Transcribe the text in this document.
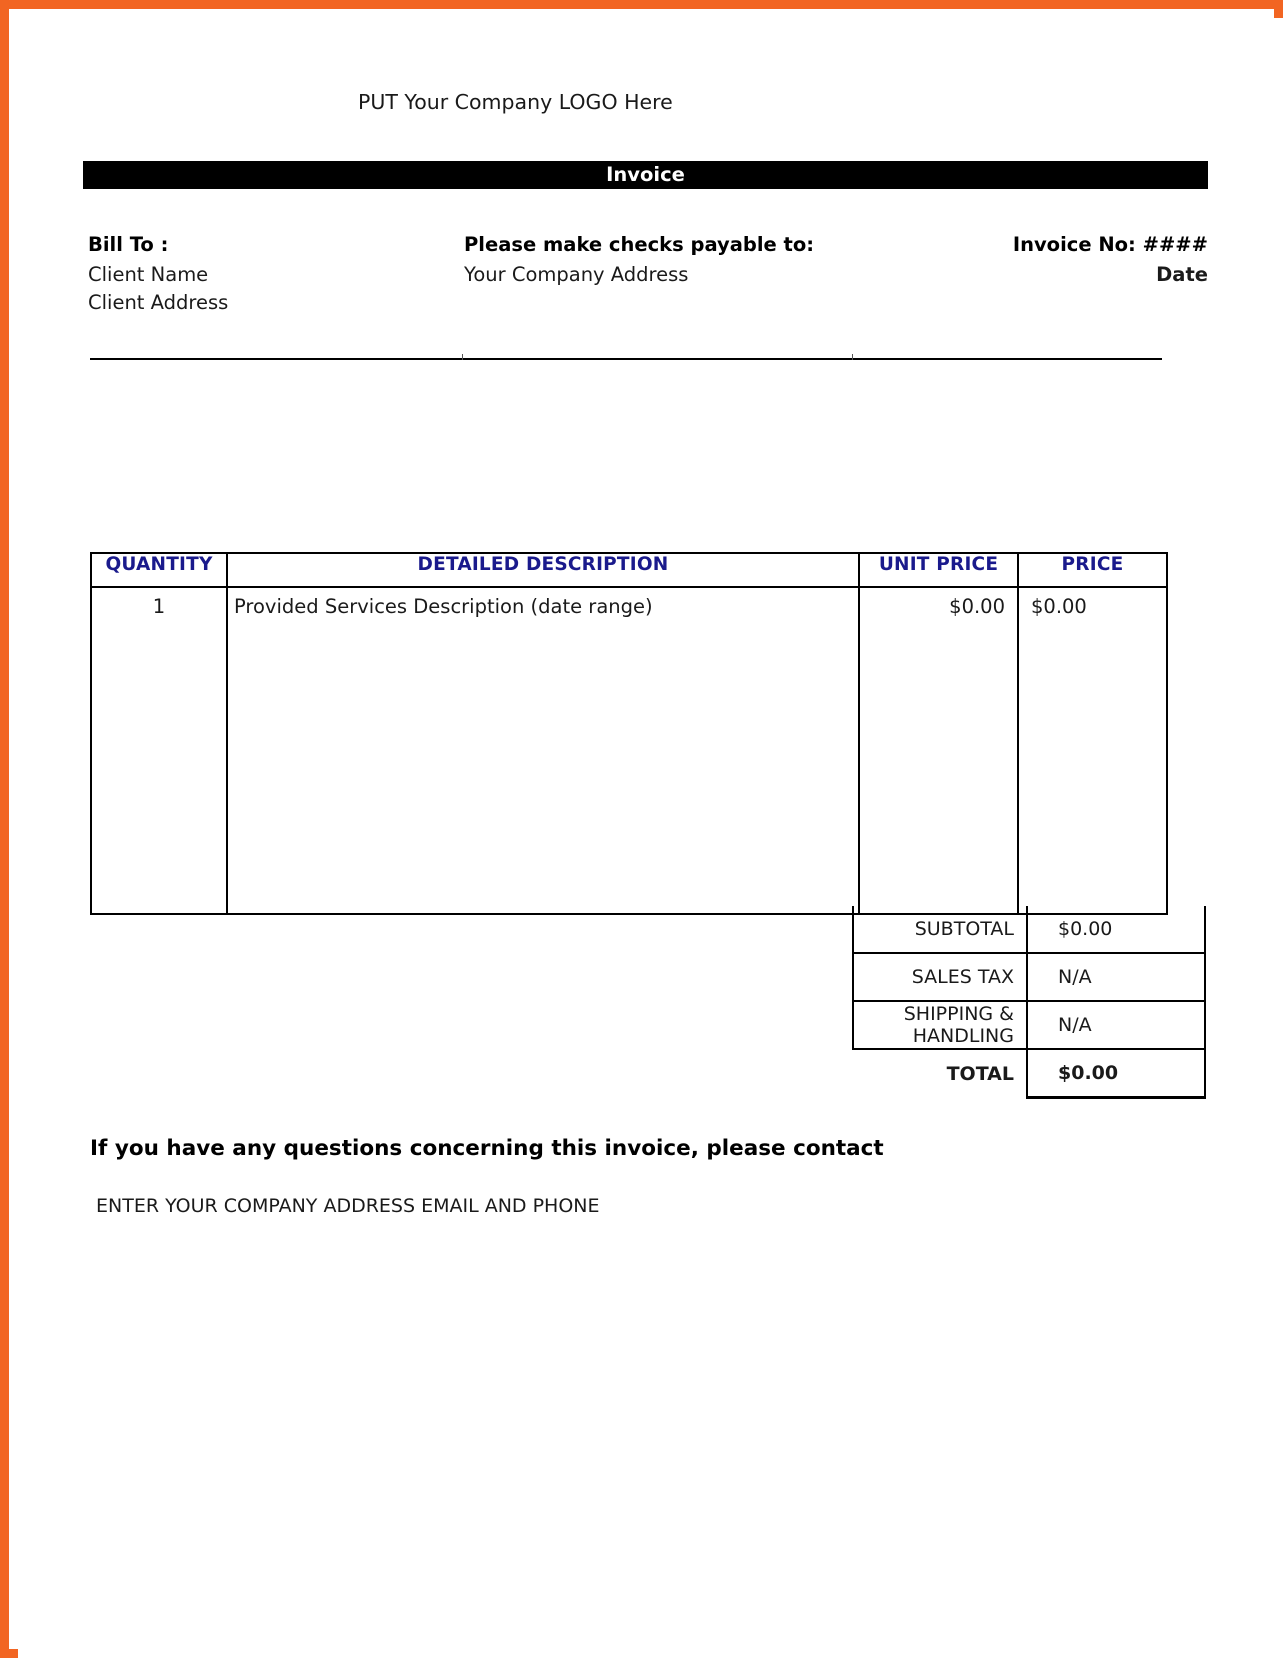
PUT Your Company LOGO Here
Invoice
Bill To :	Please make checks payable to:	Invoice No: ####
Client Name
Client Address
Your Company Address	Date
QUANTITY	DETAILED DESCRIPTION	UNIT PRICE	PRICE
1	Provided Services Description (date range)	$0.00	$0.00
SUBTOTAL	$0.00
SALES TAX	N/A
SHIPPING & HANDLING	N/A
TOTAL	$0.00
If you have any questions concerning this invoice, please contact
ENTER YOUR COMPANY ADDRESS EMAIL AND PHONE
